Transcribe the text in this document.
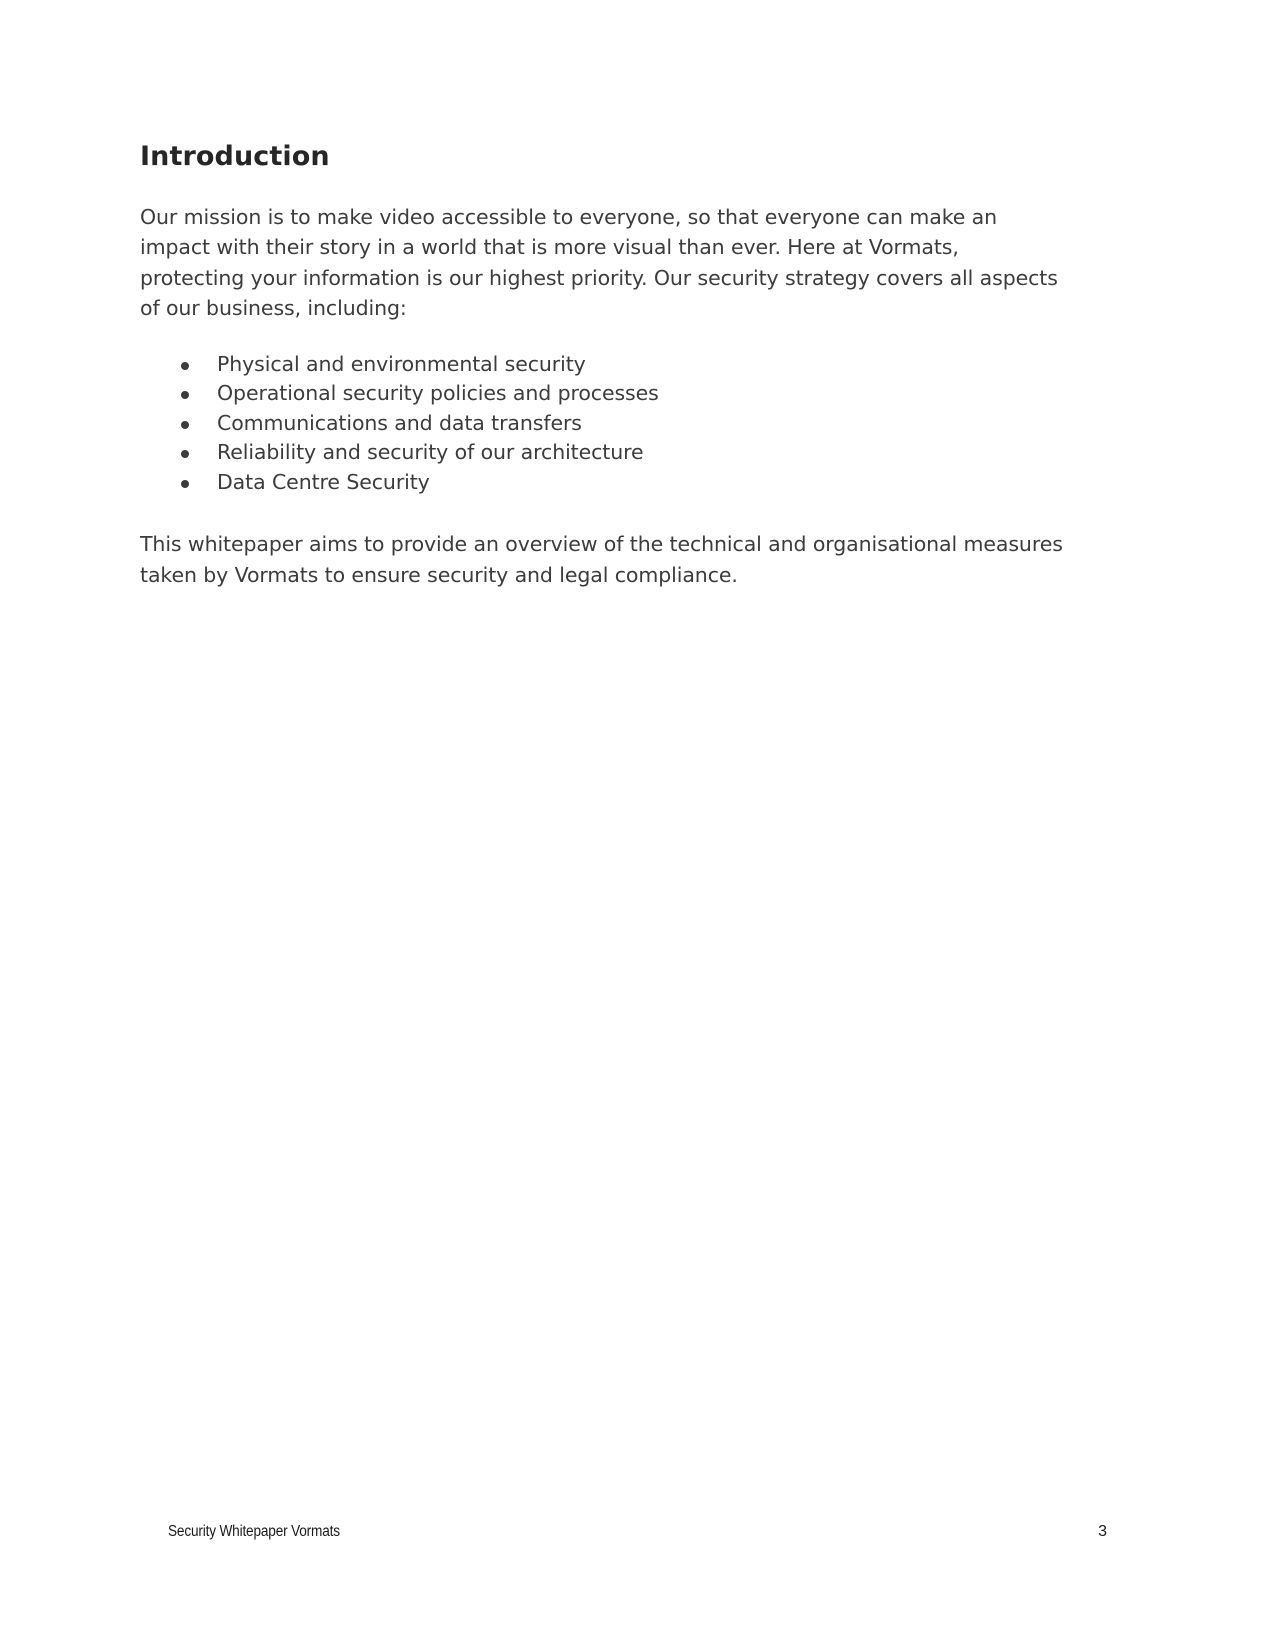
Introduction

Our mission is to make video accessible to everyone, so that everyone can make an impact with their story in a world that is more visual than ever. Here at Vormats, protecting your information is our highest priority. Our security strategy covers all aspects of our business, including:

Physical and environmental security
Operational security policies and processes
Communications and data transfers
Reliability and security of our architecture
Data Centre Security

This whitepaper aims to provide an overview of the technical and organisational measures taken by Vormats to ensure security and legal compliance.

Security Whitepaper Vormats	3
